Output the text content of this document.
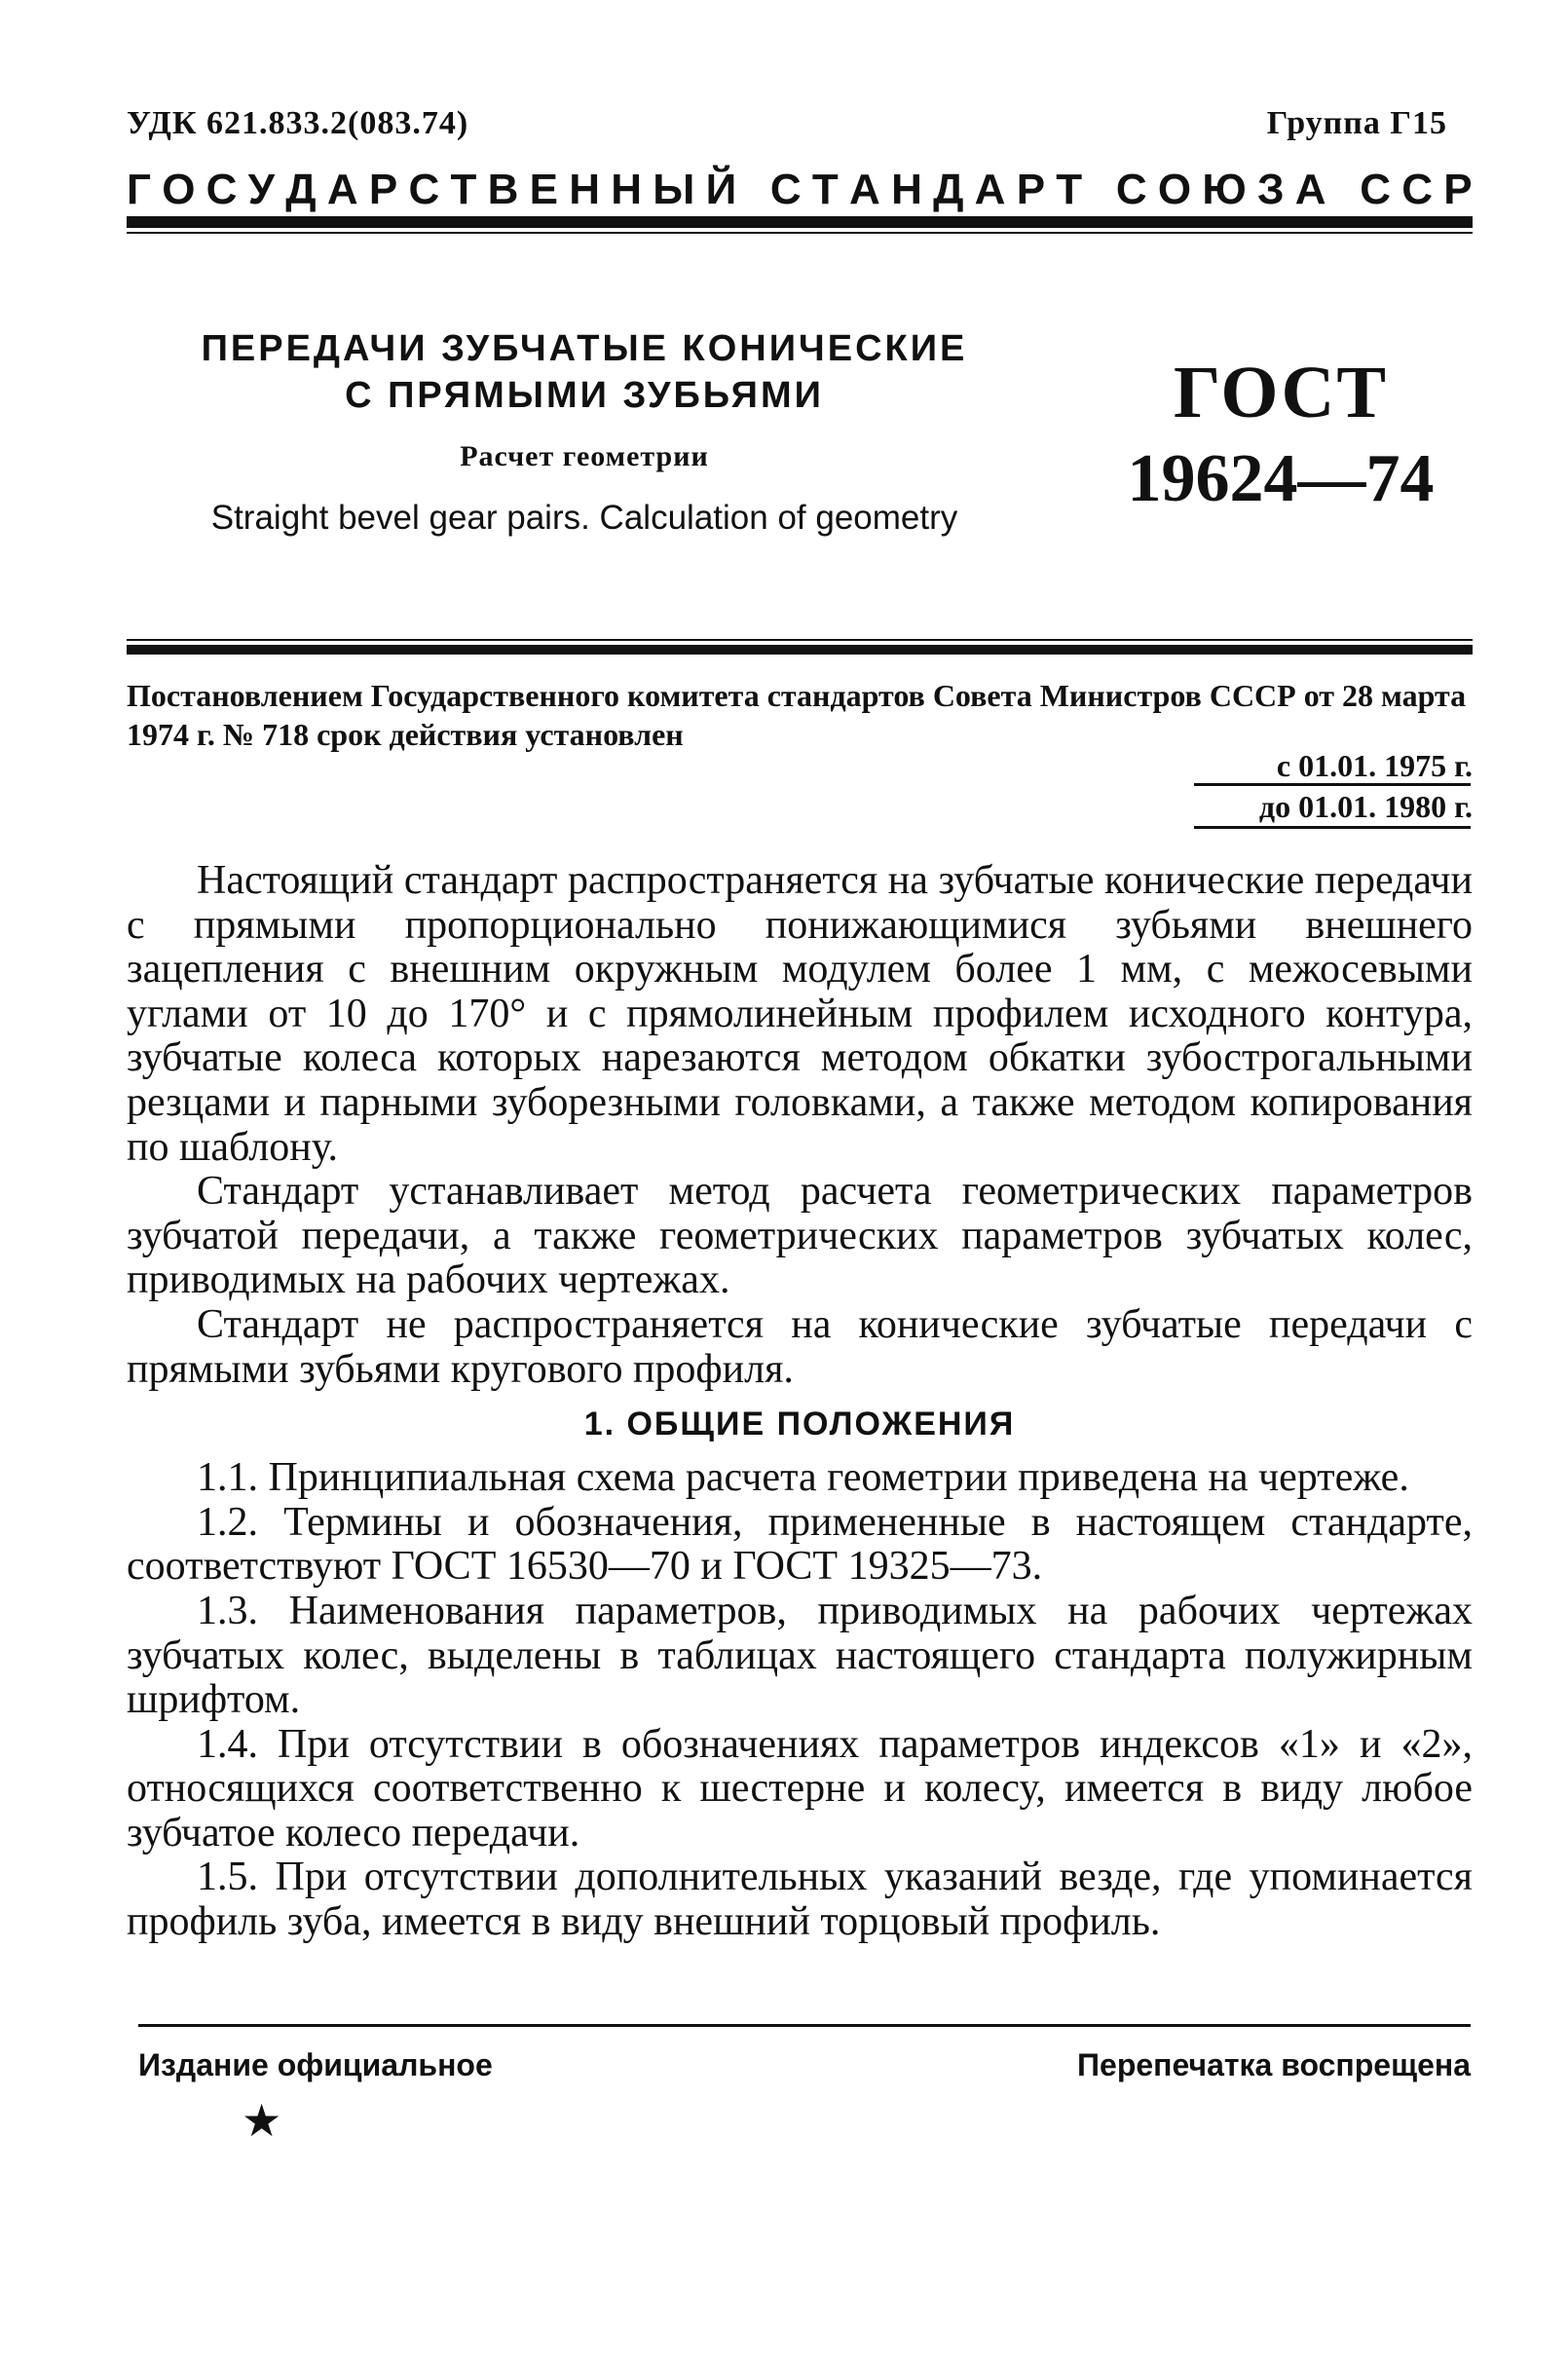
УДК 621.833.2(083.74)	Группа Г15
Г О С У Д А Р С Т В Е Н Н Ы Й
С Т А Н Д А Р Т
С О Ю З А
С С Р
ПЕРЕДАЧИ ЗУБЧАТЫЕ КОНИЧЕСКИЕ
С ПРЯМЫМИ ЗУБЬЯМИ
Расчет геометрии
Straight bevel gear pairs. Calculation of geometry
ГОСТ
19624—74
Постановлением Государственного комитета стандартов Совета Министров СССР от 28 марта 1974 г. № 718 срок действия установлен
с 01.01. 1975 г.
до 01.01. 1980 г.

Настоящий стандарт распространяется на зубчатые конические передачи с прямыми пропорционально понижающимися зубьями внешнего зацепления с внешним окружным модулем более 1 мм, с межосевыми углами от 10 до 170° и с прямолинейным профилем исходного контура, зубчатые колеса которых нарезаются методом обкатки зубострогальными резцами и парными зуборезными головками, а также методом копирования по шаблону.

Стандарт устанавливает метод расчета геометрических параметров зубчатой передачи, а также геометрических параметров зубчатых колес, приводимых на рабочих чертежах.

Стандарт не распространяется на конические зубчатые передачи с прямыми зубьями кругового профиля.

1. ОБЩИЕ ПОЛОЖЕНИЯ

1.1. Принципиальная схема расчета геометрии приведена на чертеже.

1.2. Термины и обозначения, примененные в настоящем стандарте, соответствуют ГОСТ 16530—70 и ГОСТ 19325—73.

1.3. Наименования параметров, приводимых на рабочих чертежах зубчатых колес, выделены в таблицах настоящего стандарта полужирным шрифтом.

1.4. При отсутствии в обозначениях параметров индексов «1» и «2», относящихся соответственно к шестерне и колесу, имеется в виду любое зубчатое колесо передачи.

1.5. При отсутствии дополнительных указаний везде, где упоминается профиль зуба, имеется в виду внешний торцовый профиль.

Издание официальное	Перепечатка воспрещена
★
